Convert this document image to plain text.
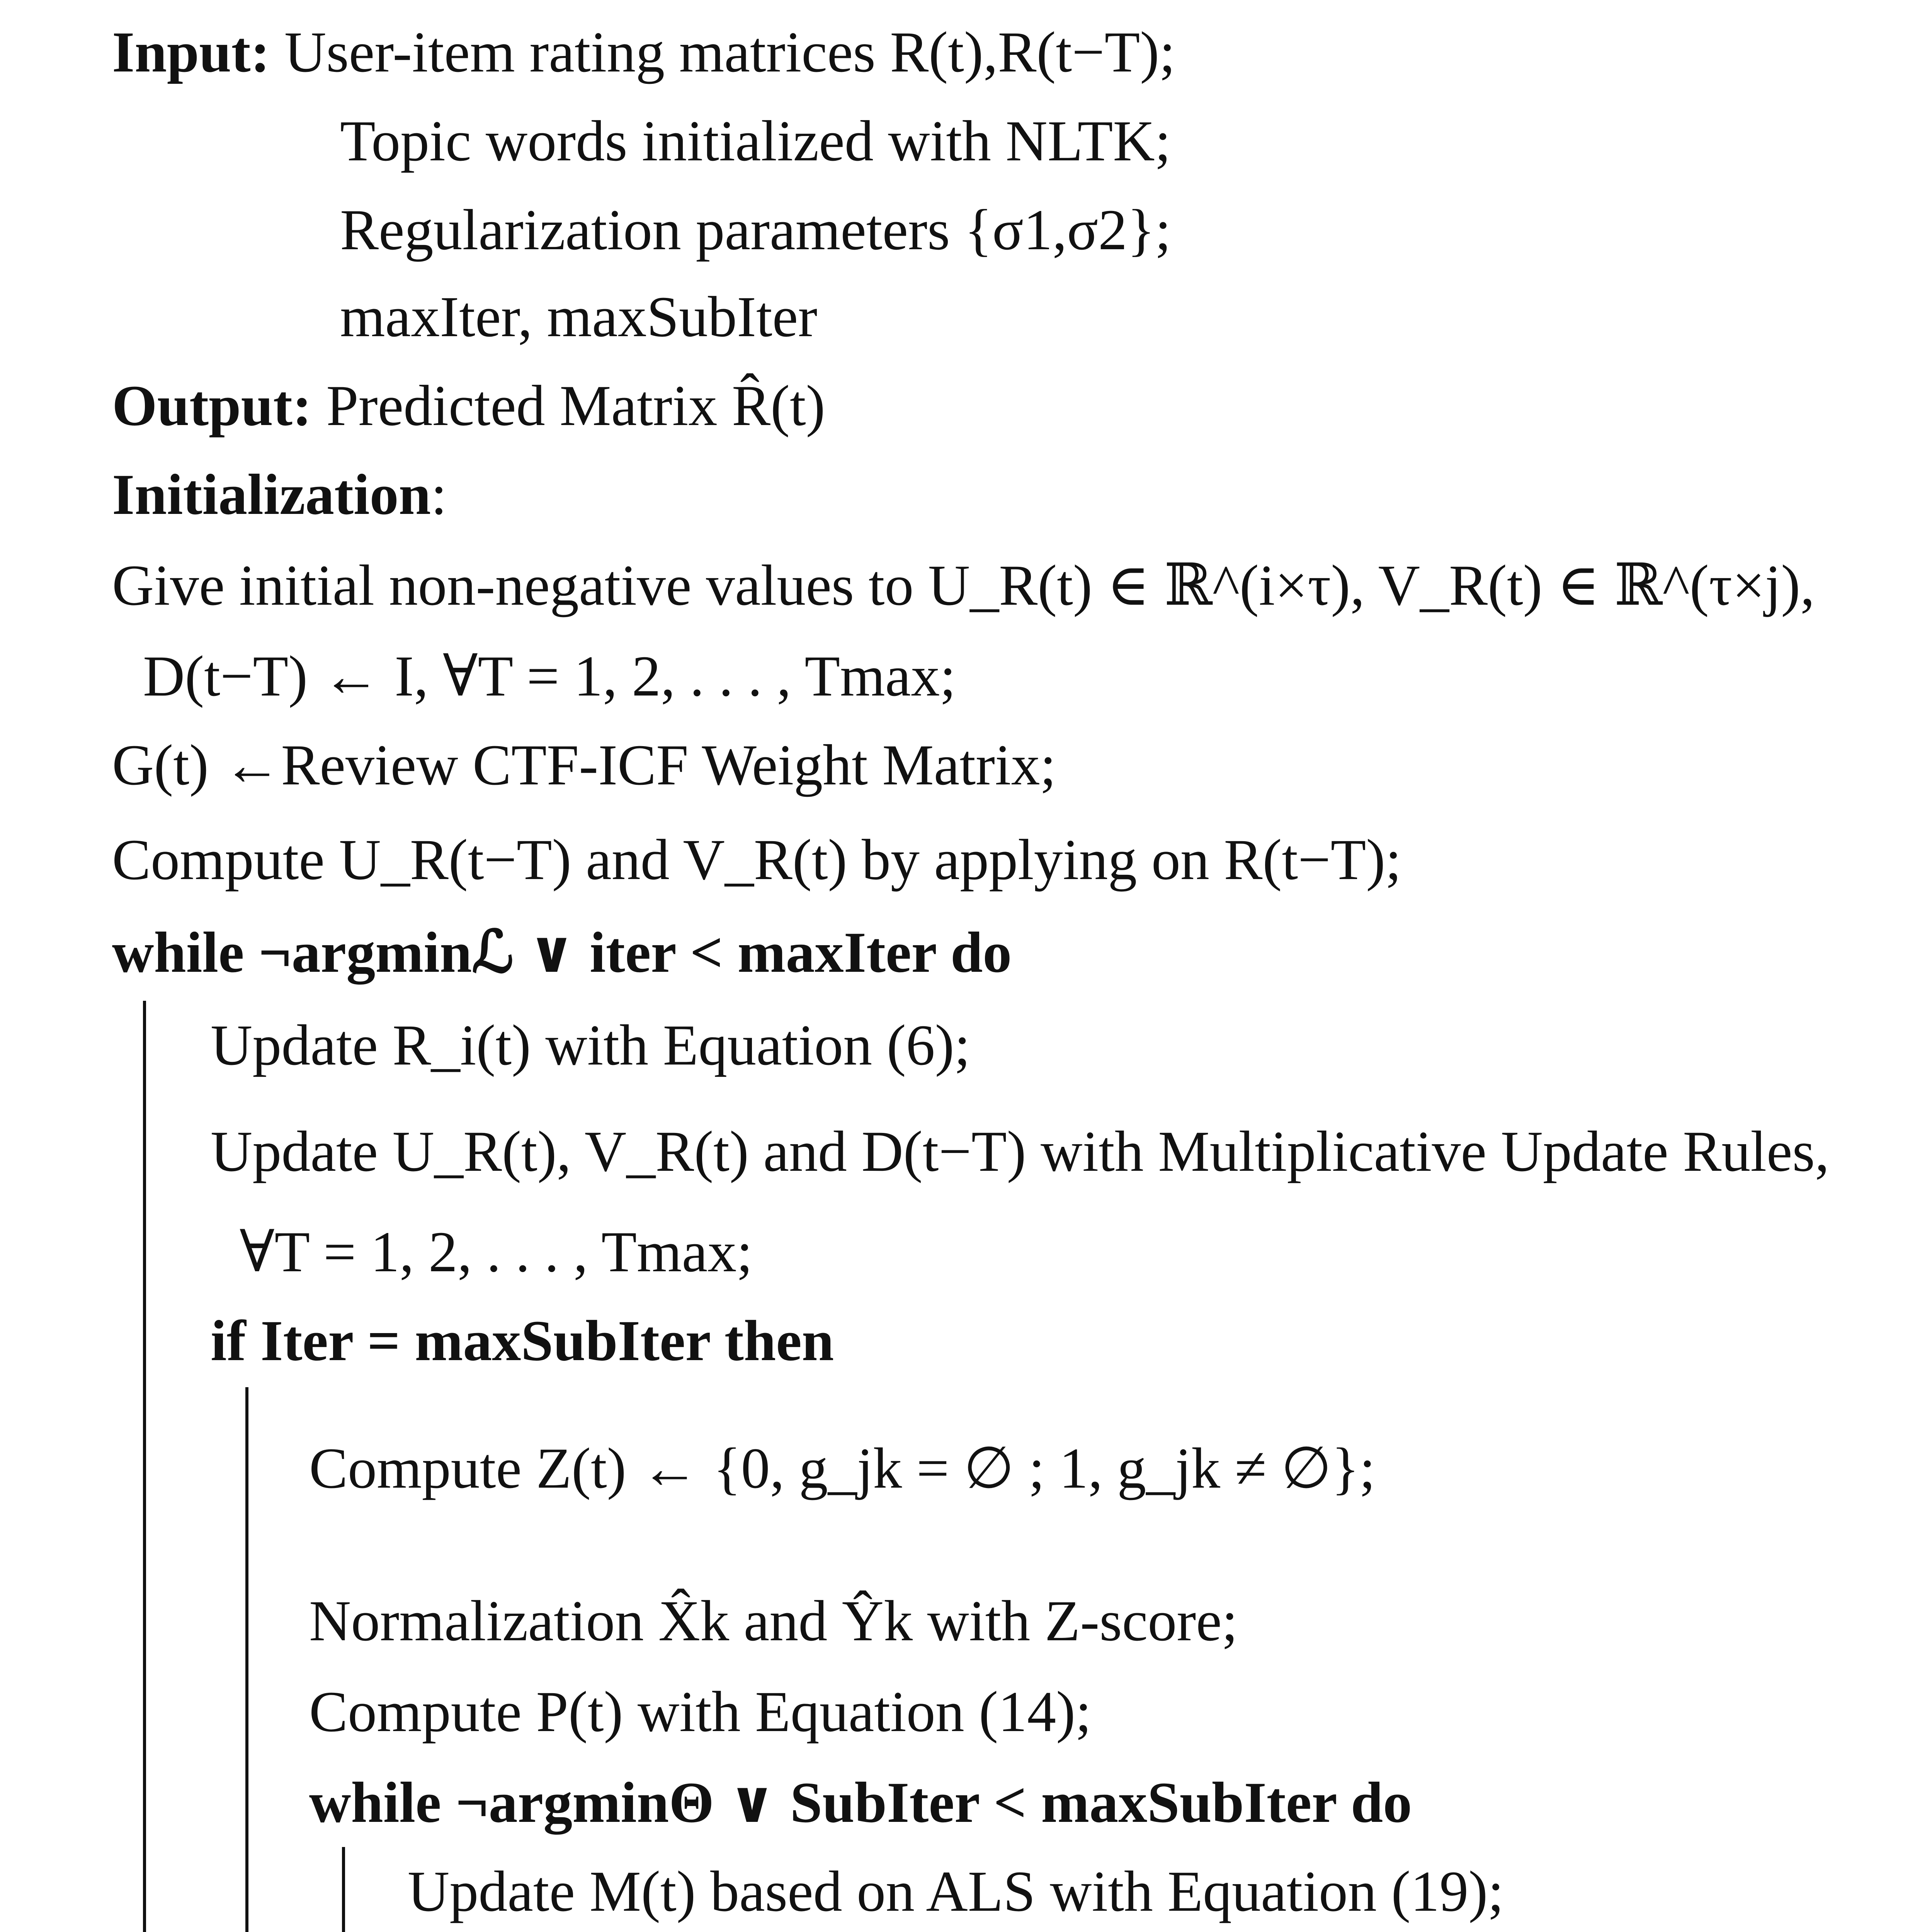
Input: User-item rating matrices R(t),R(t−T);
Topic words initialized with NLTK;
Regularization parameters {σ1,σ2};
maxIter, maxSubIter
Output: Predicted Matrix R̂(t)
Initialization:
Give initial non-negative values to U_R(t) ∈ ℝ^(i×τ), V_R(t) ∈ ℝ^(τ×j),
D(t−T) ← I, ∀T = 1, 2, . . . , Tmax;
G(t) ←Review CTF-ICF Weight Matrix;
Compute U_R(t−T) and V_R(t) by applying on R(t−T);
while ¬argminℒ ∨ iter < maxIter do
Update R_i(t) with Equation (6);
Update U_R(t), V_R(t) and D(t−T) with Multiplicative Update Rules,
∀T = 1, 2, . . . , Tmax;
if Iter = maxSubIter then
Compute Z(t) ← {0, g_jk = ∅ ; 1, g_jk ≠ ∅};
Normalization X̂k and Ŷk with Z-score;
Compute P(t) with Equation (14);
while ¬argminΘ ∨ SubIter < maxSubIter do
Update M(t) based on ALS with Equation (19);
